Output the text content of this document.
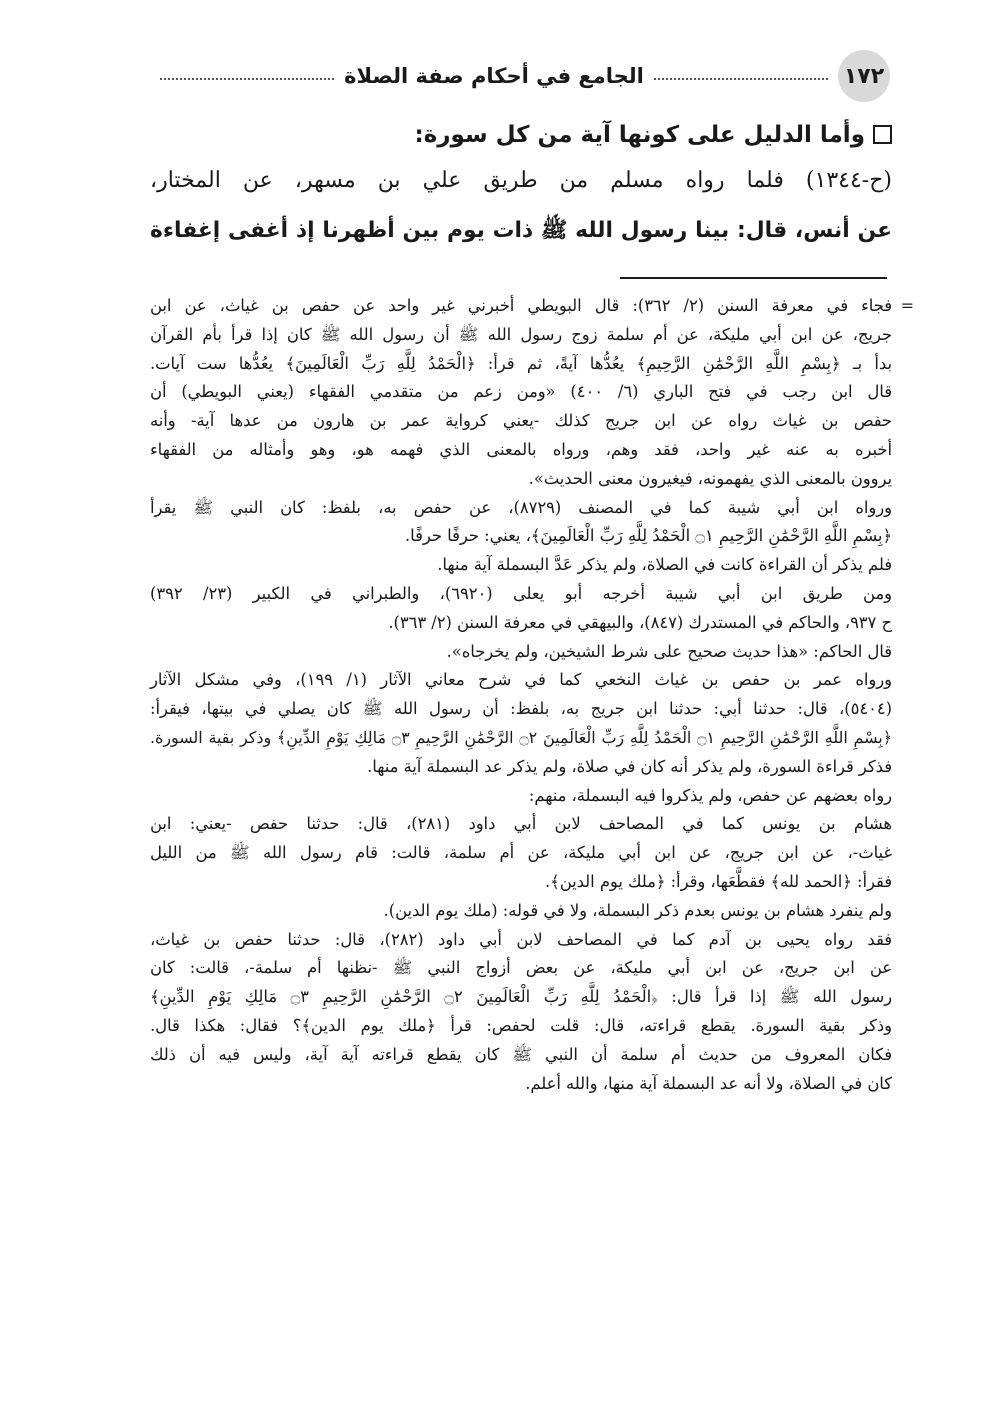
١٧٢
الجامع في أحكام صفة الصلاة
وأما الدليل على كونها آية من كل سورة:
(ح-١٣٤٤) فلما رواه مسلم من طريق علي بن مسهر، عن المختار،
عن أنس، قال: بينا رسول الله ﷺ ذات يوم بين أظهرنا إذ أغفى إغفاءة
=
فجاء في معرفة السنن (٢/ ٣٦٢): قال البويطي أخبرني غير واحد عن حفص بن غياث، عن ابن
جريج، عن ابن أبي مليكة، عن أم سلمة زوج رسول الله ﷺ أن رسول الله ﷺ كان إذا قرأ بأم القرآن
بدأ بـ ﴿بِسْمِ اللَّهِ الرَّحْمَٰنِ الرَّحِيمِ﴾ يعُدُّها آيةً، ثم قرأ: ﴿الْحَمْدُ لِلَّهِ رَبِّ الْعَالَمِينَ﴾ يعُدُّها ست آيات.
قال ابن رجب في فتح الباري (٦/ ٤٠٠) «ومن زعم من متقدمي الفقهاء (يعني البويطي) أن
حفص بن غياث رواه عن ابن جريج كذلك -يعني كرواية عمر بن هارون من عدها آية- وأنه
أخبره به عنه غير واحد، فقد وهم، ورواه بالمعنى الذي فهمه هو، وهو وأمثاله من الفقهاء
يروون بالمعنى الذي يفهمونه، فيغيرون معنى الحديث».
ورواه ابن أبي شيبة كما في المصنف (٨٧٢٩)، عن حفص به، بلفظ: كان النبي ﷺ يقرأ
﴿بِسْمِ اللَّهِ الرَّحْمَٰنِ الرَّحِيمِ ۝١ الْحَمْدُ لِلَّهِ رَبِّ الْعَالَمِينَ﴾، يعني: حرفًا حرفًا.
فلم يذكر أن القراءة كانت في الصلاة، ولم يذكر عَدَّ البسملة آية منها.
ومن طريق ابن أبي شيبة أخرجه أبو يعلى (٦٩٢٠)، والطبراني في الكبير (٢٣/ ٣٩٢)
ح ٩٣٧، والحاكم في المستدرك (٨٤٧)، والبيهقي في معرفة السنن (٢/ ٣٦٣).
قال الحاكم: «هذا حديث صحيح على شرط الشيخين، ولم يخرجاه».
ورواه عمر بن حفص بن غياث النخعي كما في شرح معاني الآثار (١/ ١٩٩)، وفي مشكل الآثار
(٥٤٠٤)، قال: حدثنا أبي: حدثنا ابن جريج به، بلفظ: أن رسول الله ﷺ كان يصلي في بيتها، فيقرأ:
﴿بِسْمِ اللَّهِ الرَّحْمَٰنِ الرَّحِيمِ ۝١ الْحَمْدُ لِلَّهِ رَبِّ الْعَالَمِينَ ۝٢ الرَّحْمَٰنِ الرَّحِيمِ ۝٣ مَالِكِ يَوْمِ الدِّينِ﴾ وذكر بقية السورة.
فذكر قراءة السورة، ولم يذكر أنه كان في صلاة، ولم يذكر عد البسملة آية منها.
رواه بعضهم عن حفص، ولم يذكروا فيه البسملة، منهم:
هشام بن يونس كما في المصاحف لابن أبي داود (٢٨١)، قال: حدثنا حفص -يعني: ابن
غياث-، عن ابن جريج، عن ابن أبي مليكة، عن أم سلمة، قالت: قام رسول الله ﷺ من الليل
فقرأ: ﴿الحمد لله﴾ فقطَّعَها، وقرأ: ﴿ملك يوم الدين﴾.
ولم ينفرد هشام بن يونس بعدم ذكر البسملة، ولا في قوله: (ملك يوم الدين).
فقد رواه يحيى بن آدم كما في المصاحف لابن أبي داود (٢٨٢)، قال: حدثنا حفص بن غياث،
عن ابن جريج، عن ابن أبي مليكة، عن بعض أزواج النبي ﷺ -نظنها أم سلمة-، قالت: كان
رسول الله ﷺ إذا قرأ قال: ﴿الْحَمْدُ لِلَّهِ رَبِّ الْعَالَمِينَ ۝٢ الرَّحْمَٰنِ الرَّحِيمِ ۝٣ مَالِكِ يَوْمِ الدِّينِ﴾
وذكر بقية السورة. يقطع قراءته، قال: قلت لحفص: قرأ ﴿ملك يوم الدين﴾؟ فقال: هكذا قال.
فكان المعروف من حديث أم سلمة أن النبي ﷺ كان يقطع قراءته آية آية، وليس فيه أن ذلك
كان في الصلاة، ولا أنه عد البسملة آية منها، والله أعلم.
